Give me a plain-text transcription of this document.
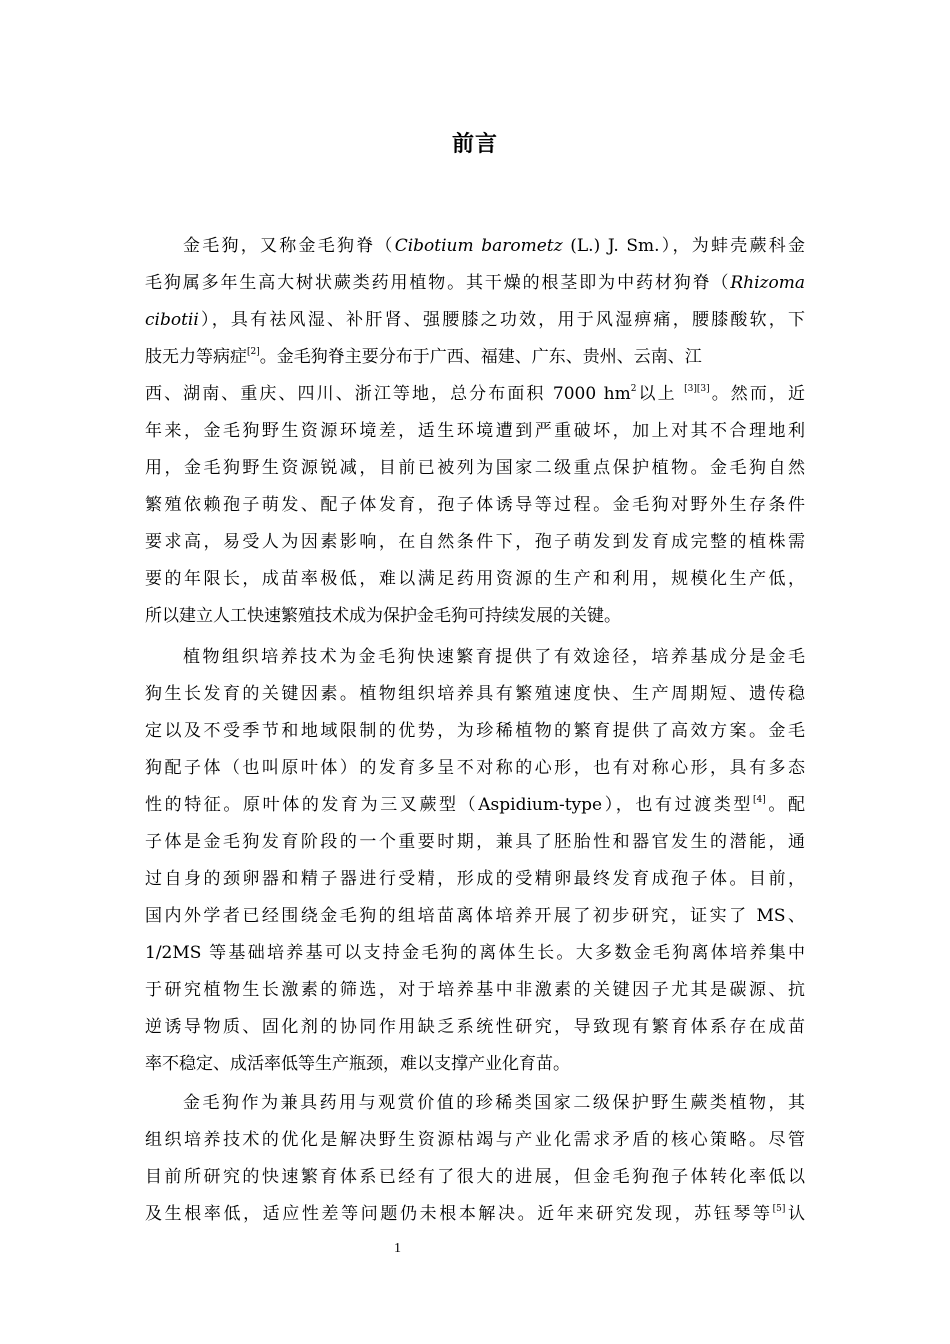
前言
金毛狗，又称金毛狗脊（Cibotium barometz (L.) J. Sm.），为蚌壳蕨科金
毛狗属多年生高大树状蕨类药用植物。其干燥的根茎即为中药材狗脊（Rhizoma
cibotii），具有祛风湿、补肝肾、强腰膝之功效，用于风湿痹痛，腰膝酸软，下
肢无力等病症[2]。金毛狗脊主要分布于广西、福建、广东、贵州、云南、江
西、湖南、重庆、四川、浙江等地，总分布面积 7000 $hm^2$以上 [3][3]。然而，近
年来，金毛狗野生资源环境差，适生环境遭到严重破坏，加上对其不合理地利
用，金毛狗野生资源锐减，目前已被列为国家二级重点保护植物。金毛狗自然
繁殖依赖孢子萌发、配子体发育，孢子体诱导等过程。金毛狗对野外生存条件
要求高，易受人为因素影响，在自然条件下，孢子萌发到发育成完整的植株需
要的年限长，成苗率极低，难以满足药用资源的生产和利用，规模化生产低，
所以建立人工快速繁殖技术成为保护金毛狗可持续发展的关键。
植物组织培养技术为金毛狗快速繁育提供了有效途径，培养基成分是金毛
狗生长发育的关键因素。植物组织培养具有繁殖速度快、生产周期短、遗传稳
定以及不受季节和地域限制的优势，为珍稀植物的繁育提供了高效方案。金毛
狗配子体（也叫原叶体）的发育多呈不对称的心形，也有对称心形，具有多态
性的特征。原叶体的发育为三叉蕨型（Aspidium-type），也有过渡类型[4]。配
子体是金毛狗发育阶段的一个重要时期，兼具了胚胎性和器官发生的潜能，通
过自身的颈卵器和精子器进行受精，形成的受精卵最终发育成孢子体。目前，
国内外学者已经围绕金毛狗的组培苗离体培养开展了初步研究，证实了 MS、
1/2MS 等基础培养基可以支持金毛狗的离体生长。大多数金毛狗离体培养集中
于研究植物生长激素的筛选，对于培养基中非激素的关键因子尤其是碳源、抗
逆诱导物质、固化剂的协同作用缺乏系统性研究，导致现有繁育体系存在成苗
率不稳定、成活率低等生产瓶颈，难以支撑产业化育苗。
金毛狗作为兼具药用与观赏价值的珍稀类国家二级保护野生蕨类植物，其
组织培养技术的优化是解决野生资源枯竭与产业化需求矛盾的核心策略。尽管
目前所研究的快速繁育体系已经有了很大的进展，但金毛狗孢子体转化率低以
及生根率低，适应性差等问题仍未根本解决。近年来研究发现，苏钰琴等[5]认
1
